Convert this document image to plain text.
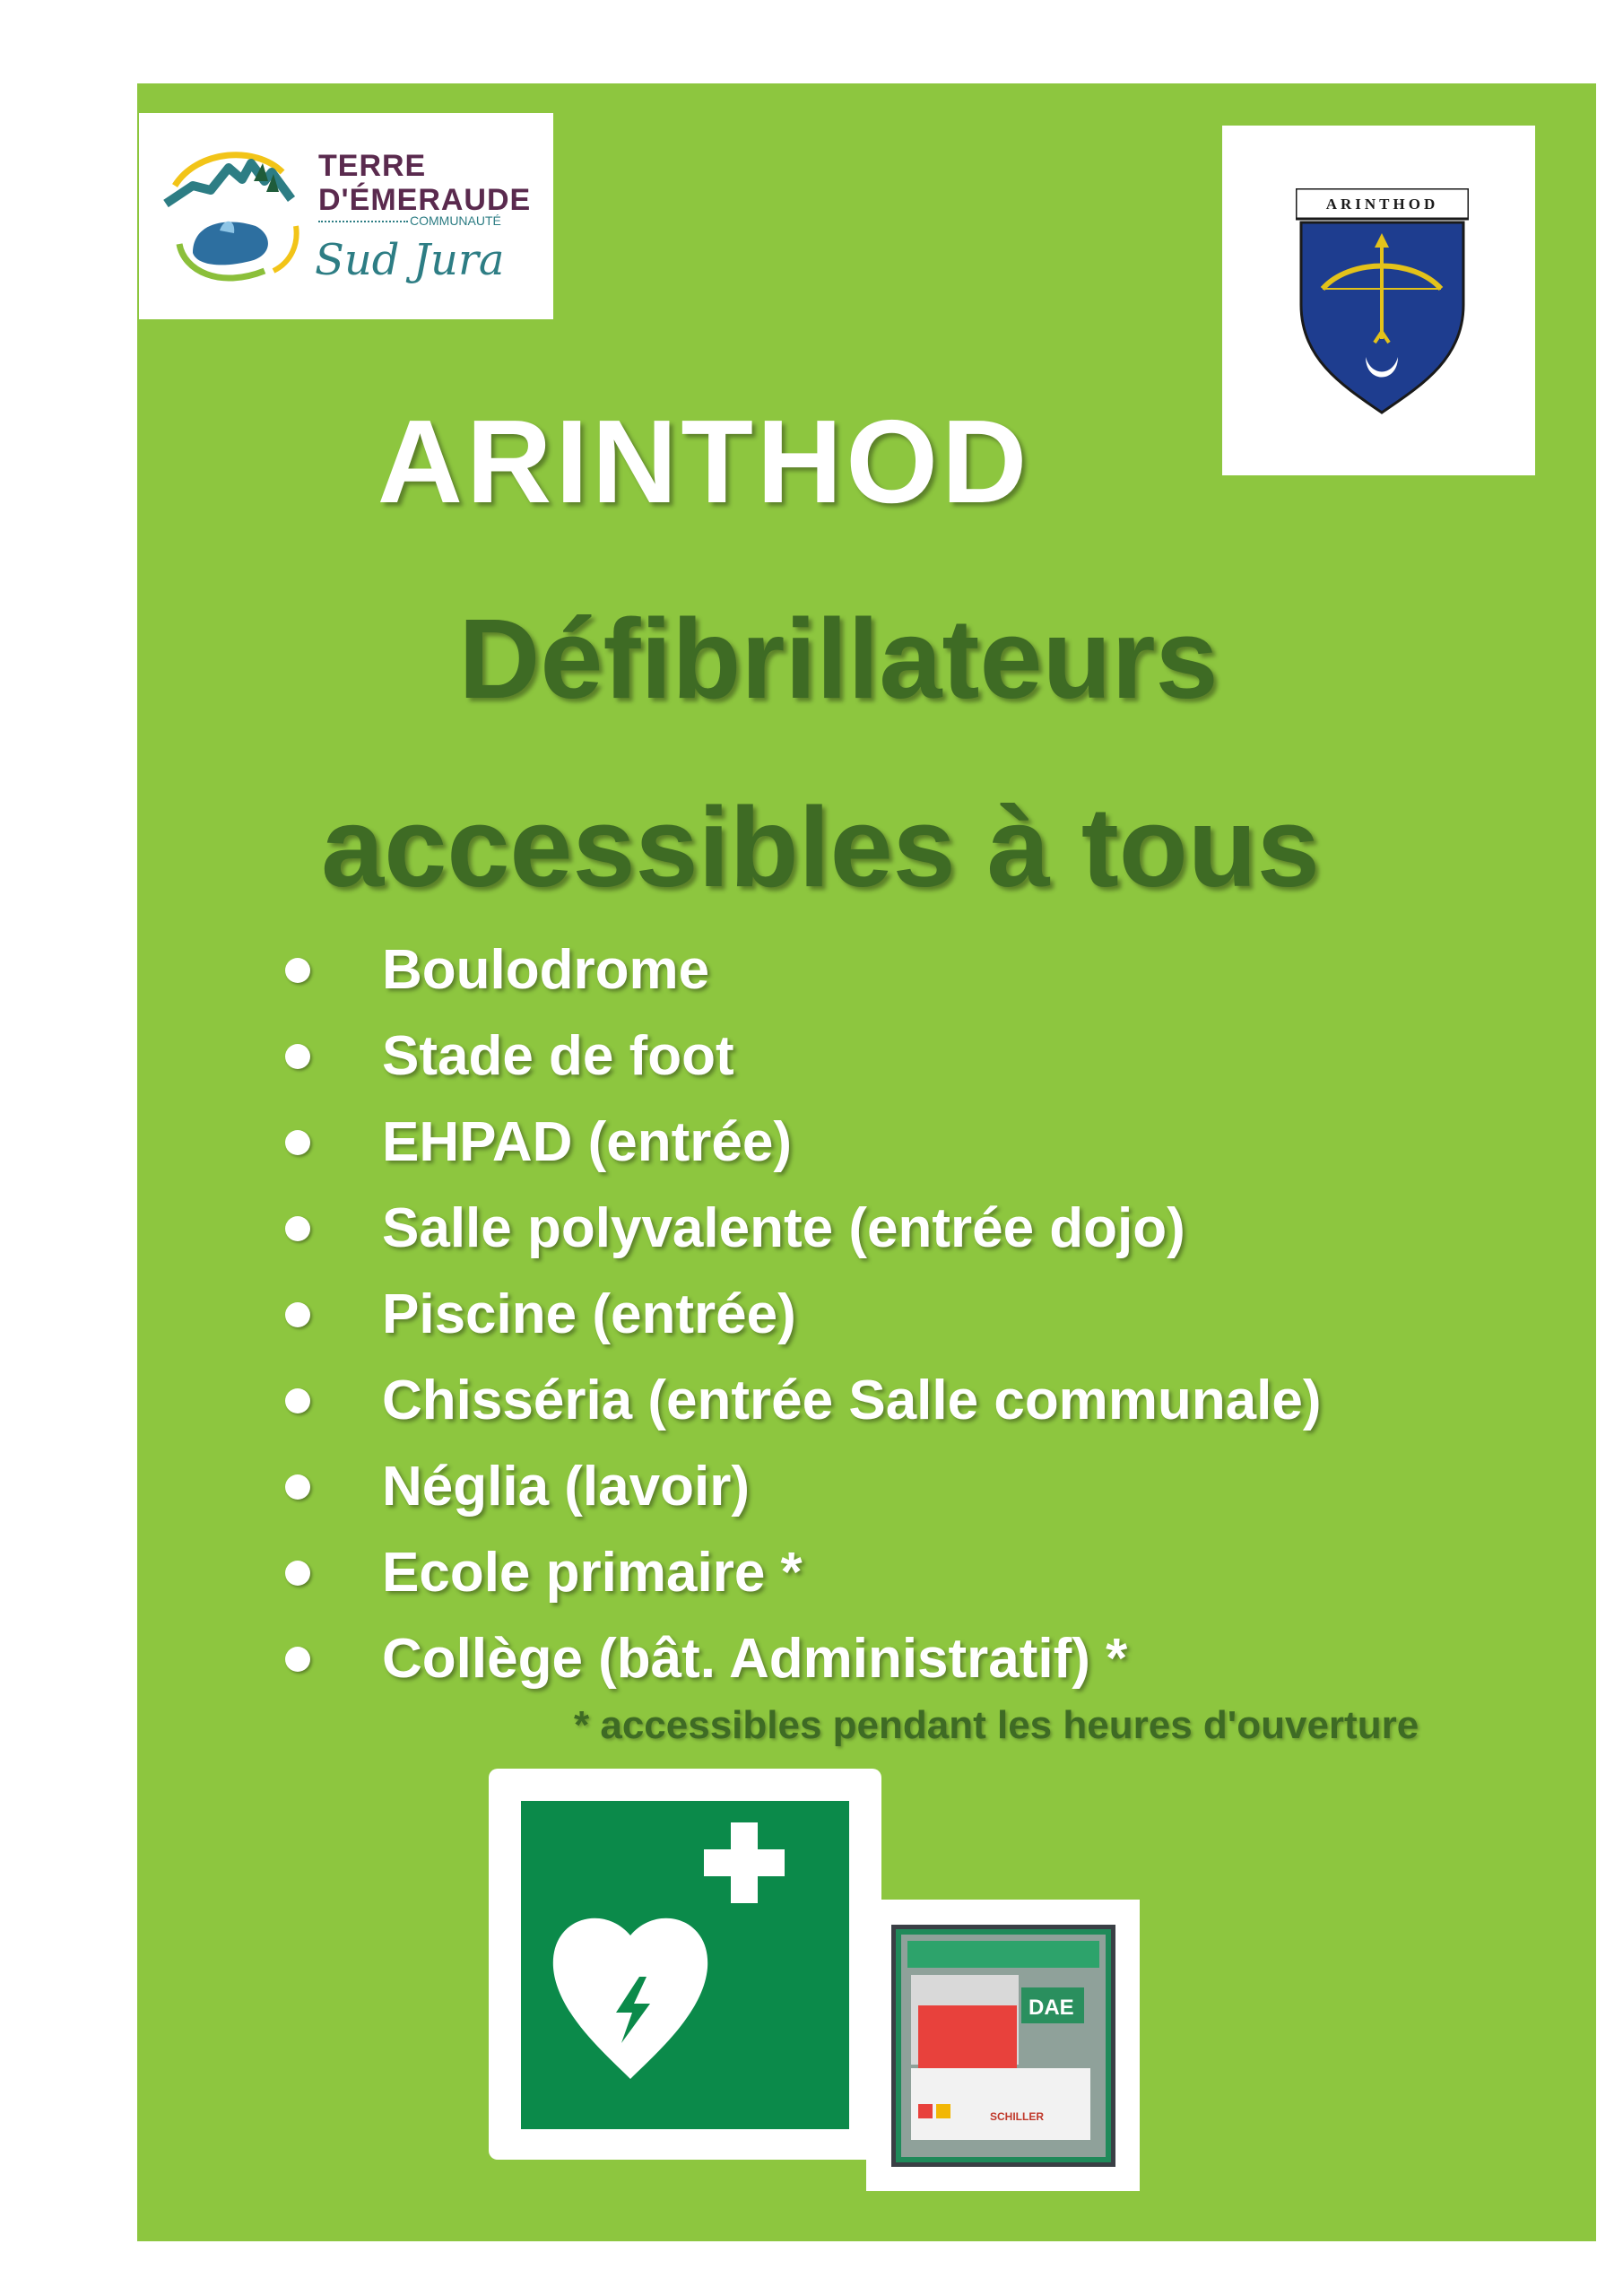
TERRE
D'ÉMERAUDE
COMMUNAUTÉ
Sud Jura
ARINTHOD
ARINTHOD
Défibrillateurs
accessibles à tous
Boulodrome
Stade de foot
EHPAD (entrée)
Salle polyvalente (entrée dojo)
Piscine (entrée)
Chisséria (entrée Salle communale)
Néglia (lavoir)
Ecole primaire *
Collège (bât. Administratif) *
* accessibles pendant les heures d'ouverture
DAE
SCHILLER
